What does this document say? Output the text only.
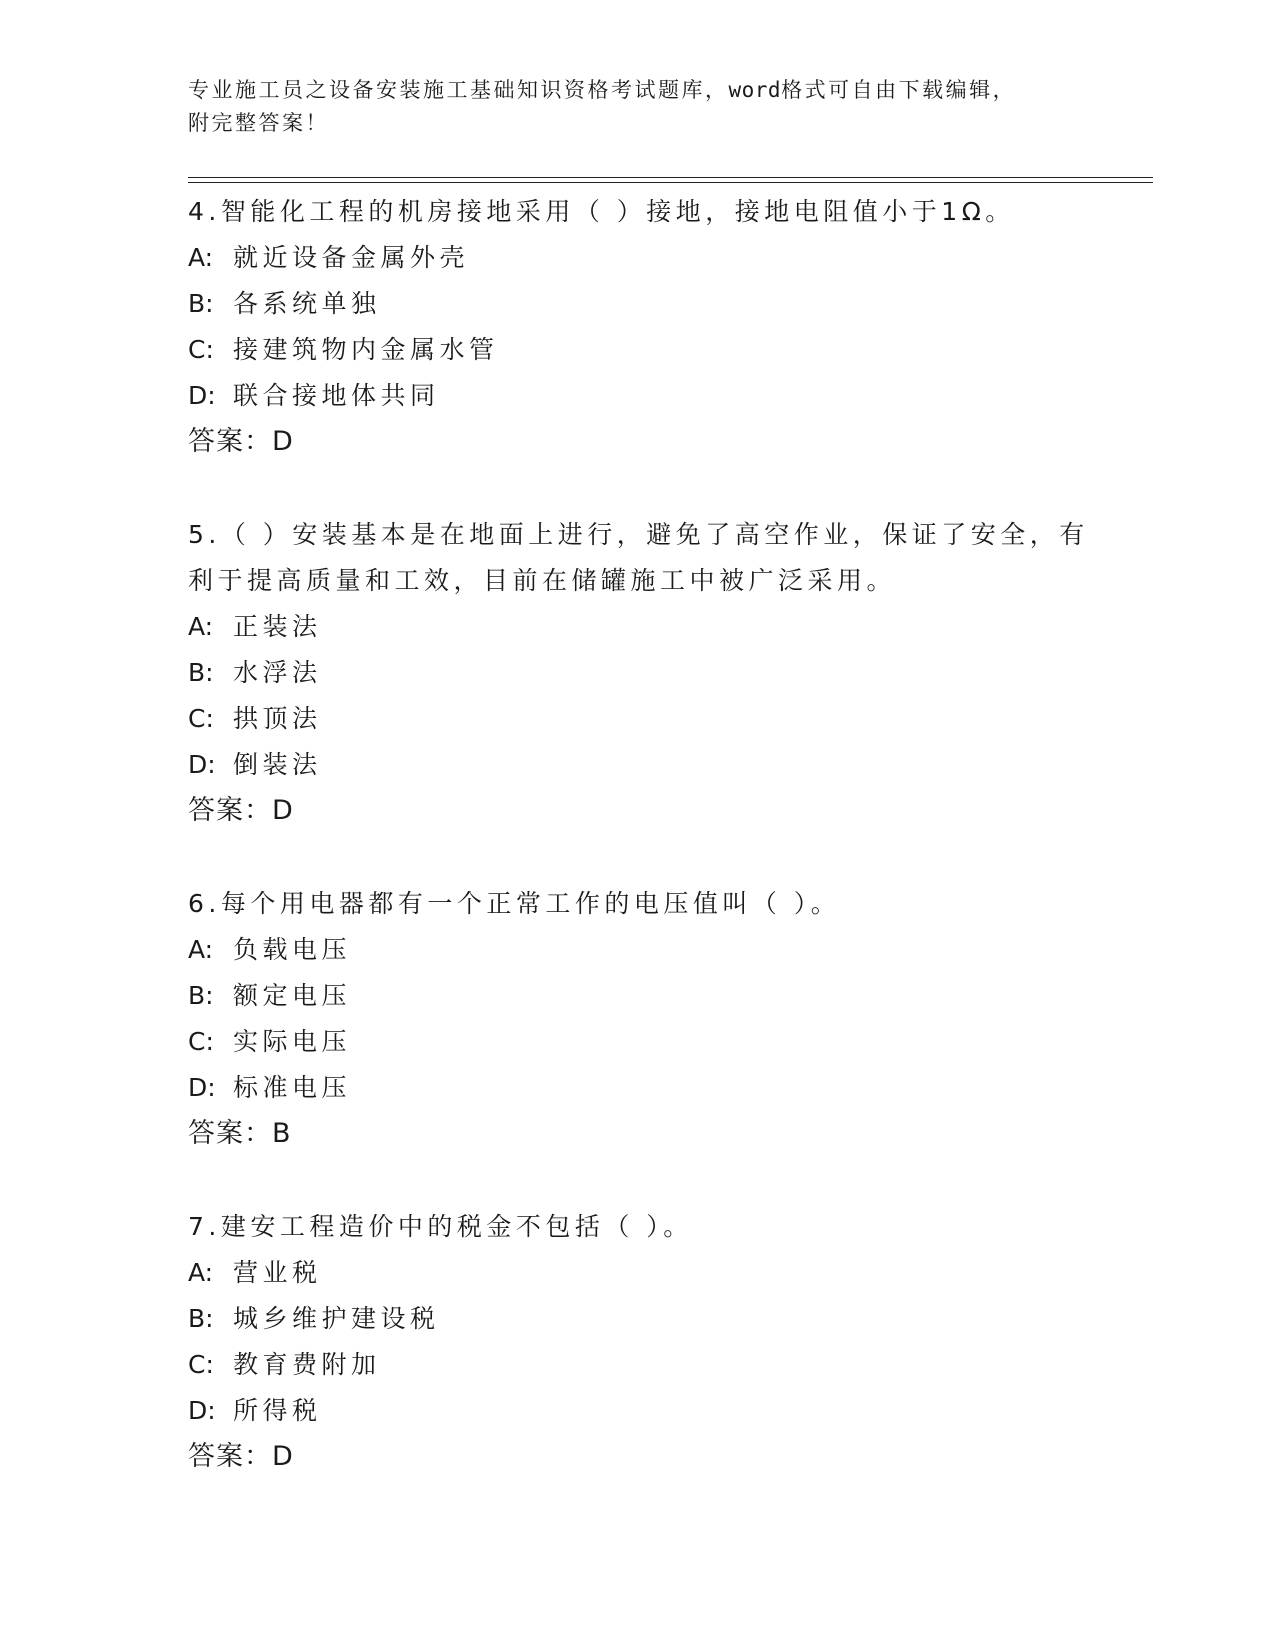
专业施工员之设备安装施工基础知识资格考试题库，word格式可自由下载编辑，
附完整答案！
4.智能化工程的机房接地采用（ ）接地，接地电阻值小于1Ω。
A: 就近设备金属外壳
B: 各系统单独
C: 接建筑物内金属水管
D: 联合接地体共同
答案：D
5.（ ）安装基本是在地面上进行，避免了高空作业，保证了安全，有
利于提高质量和工效，目前在储罐施工中被广泛采用。
A: 正装法
B: 水浮法
C: 拱顶法
D: 倒装法
答案：D
6.每个用电器都有一个正常工作的电压值叫（ ）。
A: 负载电压
B: 额定电压
C: 实际电压
D: 标准电压
答案：B
7.建安工程造价中的税金不包括（ ）。
A: 营业税
B: 城乡维护建设税
C: 教育费附加
D: 所得税
答案：D
